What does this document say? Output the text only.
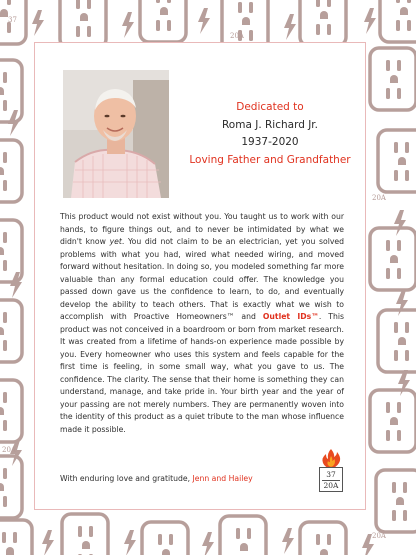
20A
37
20A
20A
20A
Dedicated to
Roma J. Richard Jr.
1937-2020
Loving Father and Grandfather

This product would not exist without you. You taught us to work with our hands, to figure things out, and to never be intimidated by what we didn't know yet. You did not claim to be an electrician, yet you solved problems with what you had, wired what needed wiring, and moved forward without hesitation. In doing so, you modeled something far more valuable than any formal education could offer. The knowledge you passed down gave us the confidence to learn, to do, and eventually develop the ability to teach others. That is exactly what we wish to accomplish with Proactive Homeowners™ and Outlet IDs™. This product was not conceived in a boardroom or born from market research. It was created from a lifetime of hands-on experience made possible by you. Every homeowner who uses this system and feels capable for the first time is feeling, in some small way, what you gave to us. The confidence. The clarity. The sense that their home is something they can understand, manage, and take pride in. Your birth year and the year of your passing are not merely numbers. They are permanently woven into the identity of this product as a quiet tribute to the man whose influence made it possible.

With enduring love and gratitude, Jenn and Hailey	37
20A
